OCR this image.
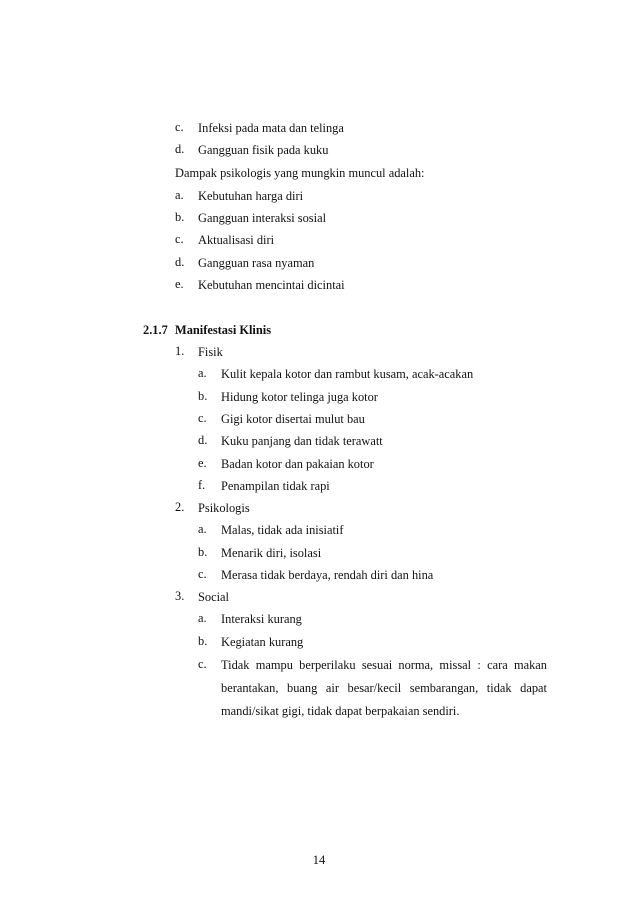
c. Infeksi pada mata dan telinga
d. Gangguan fisik pada kuku
Dampak psikologis yang mungkin muncul adalah:
a. Kebutuhan harga diri
b. Gangguan interaksi sosial
c. Aktualisasi diri
d. Gangguan rasa nyaman
e. Kebutuhan mencintai dicintai
2.1.7 Manifestasi Klinis
1. Fisik
a. Kulit kepala kotor dan rambut kusam, acak-acakan
b. Hidung kotor telinga juga kotor
c. Gigi kotor disertai mulut bau
d. Kuku panjang dan tidak terawatt
e. Badan kotor dan pakaian kotor
f. Penampilan tidak rapi
2. Psikologis
a. Malas, tidak ada inisiatif
b. Menarik diri, isolasi
c. Merasa tidak berdaya, rendah diri dan hina
3. Social
a. Interaksi kurang
b. Kegiatan kurang
c. Tidak mampu berperilaku sesuai norma, missal : cara makan
berantakan, buang air besar/kecil sembarangan, tidak dapat
mandi/sikat gigi, tidak dapat berpakaian sendiri.
14
